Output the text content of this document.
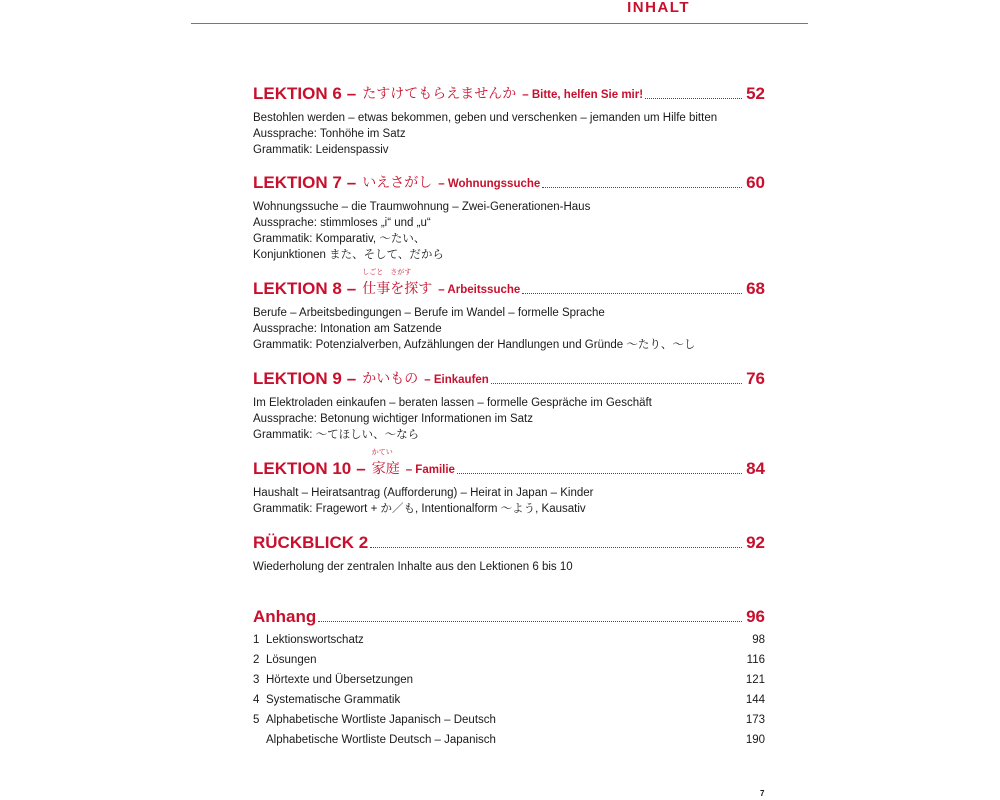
INHALT
LEKTION 6 – たすけてもらえませんか – Bitte, helfen Sie mir!	52
Bestohlen werden – etwas bekommen, geben und verschenken – jemanden um Hilfe bitten
Aussprache: Tonhöhe im Satz
Grammatik: Leidenspassiv
LEKTION 7 – いえさがし – Wohnungssuche	60
Wohnungssuche – die Traumwohnung – Zwei-Generationen-Haus
Aussprache: stimmloses „i“ und „u“
Grammatik: Komparativ, 〜たい、
Konjunktionen また、そして、だから
LEKTION 8 –
しごと　さがす
仕事を探す – Arbeitssuche	68
Berufe – Arbeitsbedingungen – Berufe im Wandel – formelle Sprache
Aussprache: Intonation am Satzende
Grammatik: Potenzialverben, Aufzählungen der Handlungen und Gründe 〜たり、〜し
LEKTION 9 – かいもの – Einkaufen	76
Im Elektroladen einkaufen – beraten lassen – formelle Gespräche im Geschäft
Aussprache: Betonung wichtiger Informationen im Satz
Grammatik: 〜てほしい、〜なら
LEKTION 10 –
かてい
家庭 – Familie	84
Haushalt – Heiratsantrag (Aufforderung) – Heirat in Japan – Kinder
Grammatik: Fragewort + か／も, Intentionalform 〜よう, Kausativ
RÜCKBLICK 2	92
Wiederholung der zentralen Inhalte aus den Lektionen 6 bis 10
Anhang	96
1 Lektionswortschatz	98
2 Lösungen	116
3 Hörtexte und Übersetzungen	121
4 Systematische Grammatik	144
5 Alphabetische Wortliste Japanisch – Deutsch	173
Alphabetische Wortliste Deutsch – Japanisch	190
7
